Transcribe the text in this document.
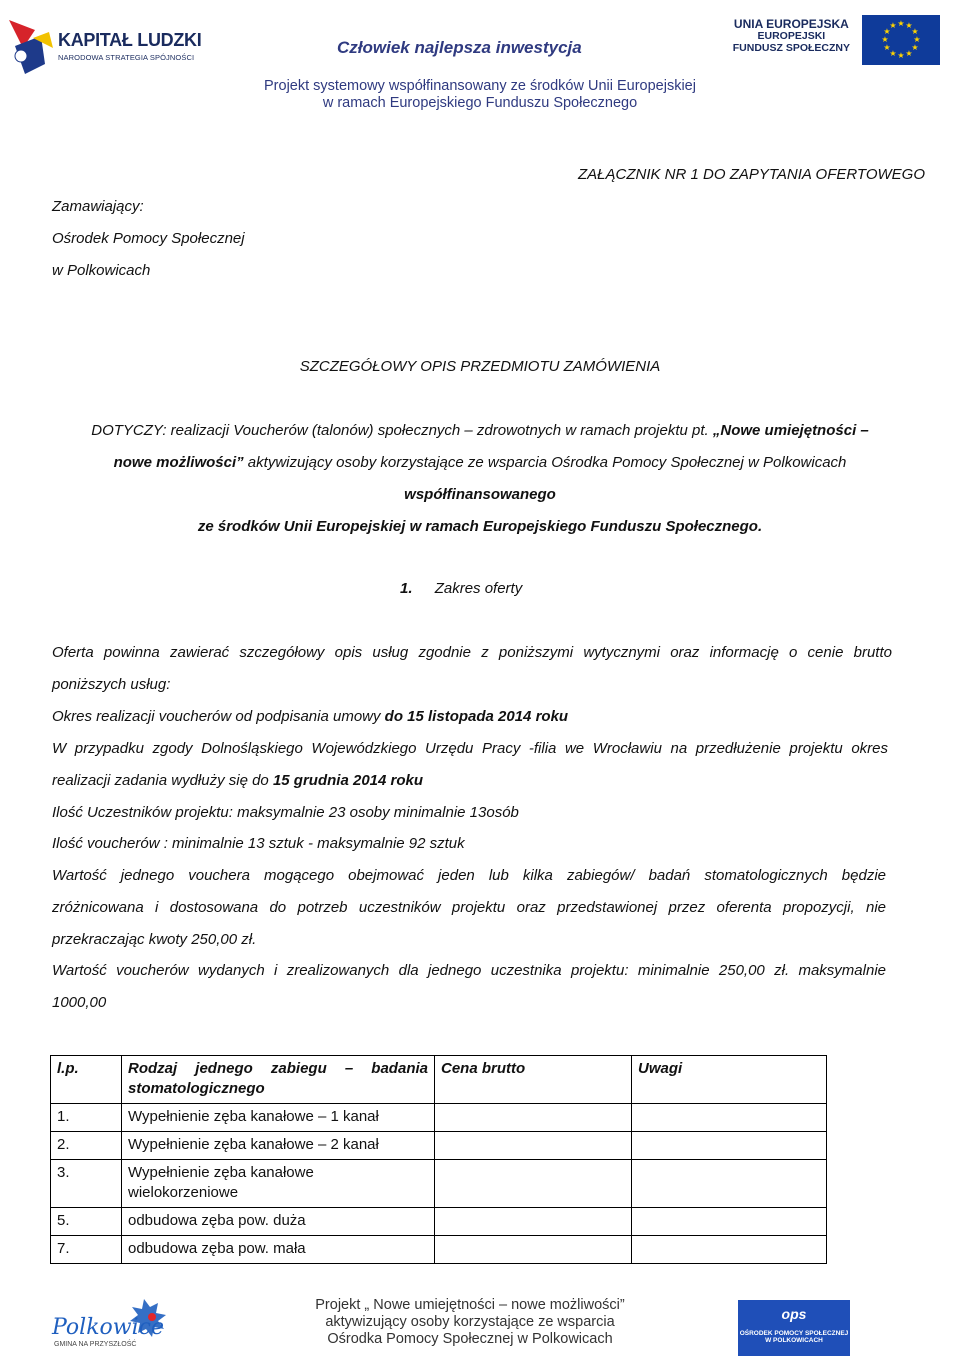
KAPITAŁ LUDZKI
NARODOWA STRATEGIA SPÓJNOŚCI
Człowiek najlepsza inwestycja
Projekt systemowy współfinansowany ze środków Unii Europejskiej
w ramach Europejskiego Funduszu Społecznego
UNIA EUROPEJSKA
EUROPEJSKI
FUNDUSZ SPOŁECZNY
★ ★
★
★
★
★
★
★
★
★
★
★
ZAŁĄCZNIK NR 1 DO ZAPYTANIA OFERTOWEGO
Zamawiający:
Ośrodek Pomocy Społecznej
w Polkowicach
SZCZEGÓŁOWY OPIS PRZEDMIOTU ZAMÓWIENIA
DOTYCZY: realizacji Voucherów (talonów) społecznych – zdrowotnych w ramach projektu pt. „Nowe umiejętności –
nowe możliwości” aktywizujący osoby korzystające ze wsparcia Ośrodka Pomocy Społecznej w Polkowicach
współfinansowanego
ze środków Unii Europejskiej w ramach Europejskiego Funduszu Społecznego.
1. Zakres oferty
Oferta powinna zawierać szczegółowy opis usług zgodnie z poniższymi wytycznymi oraz informację o cenie brutto
poniższych usług:
Okres realizacji voucherów od podpisania umowy do 15 listopada 2014 roku
W przypadku zgody Dolnośląskiego Wojewódzkiego Urzędu Pracy -filia we Wrocławiu na przedłużenie projektu okres
realizacji zadania wydłuży się do 15 grudnia 2014 roku
Ilość Uczestników projektu: maksymalnie 23 osoby minimalnie 13osób
Ilość voucherów : minimalnie 13 sztuk - maksymalnie 92 sztuk
Wartość jednego vouchera mogącego obejmować jeden lub kilka zabiegów/ badań stomatologicznych będzie
zróżnicowana i dostosowana do potrzeb uczestników projektu oraz przedstawionej przez oferenta propozycji, nie
przekraczając kwoty 250,00 zł.
Wartość voucherów wydanych i zrealizowanych dla jednego uczestnika projektu: minimalnie 250,00 zł. maksymalnie
1000,00
l.p.	Rodzaj jednego zabiegu – badania stomatologicznego	Cena brutto	Uwagi
1.	Wypełnienie zęba kanałowe – 1 kanał		
2.	Wypełnienie zęba kanałowe – 2 kanał		
3.	Wypełnienie zęba kanałowe wielokorzeniowe		
5.	odbudowa zęba pow. duża		
7.	odbudowa zęba pow. mała		
Polkowice
GMINA NA PRZYSZŁOŚĆ
Projekt „ Nowe umiejętności – nowe możliwości”
aktywizujący osoby korzystające ze wsparcia
Ośrodka Pomocy Społecznej w Polkowicach
ops
OŚRODEK POMOCY SPOŁECZNEJ
W POLKOWICACH
